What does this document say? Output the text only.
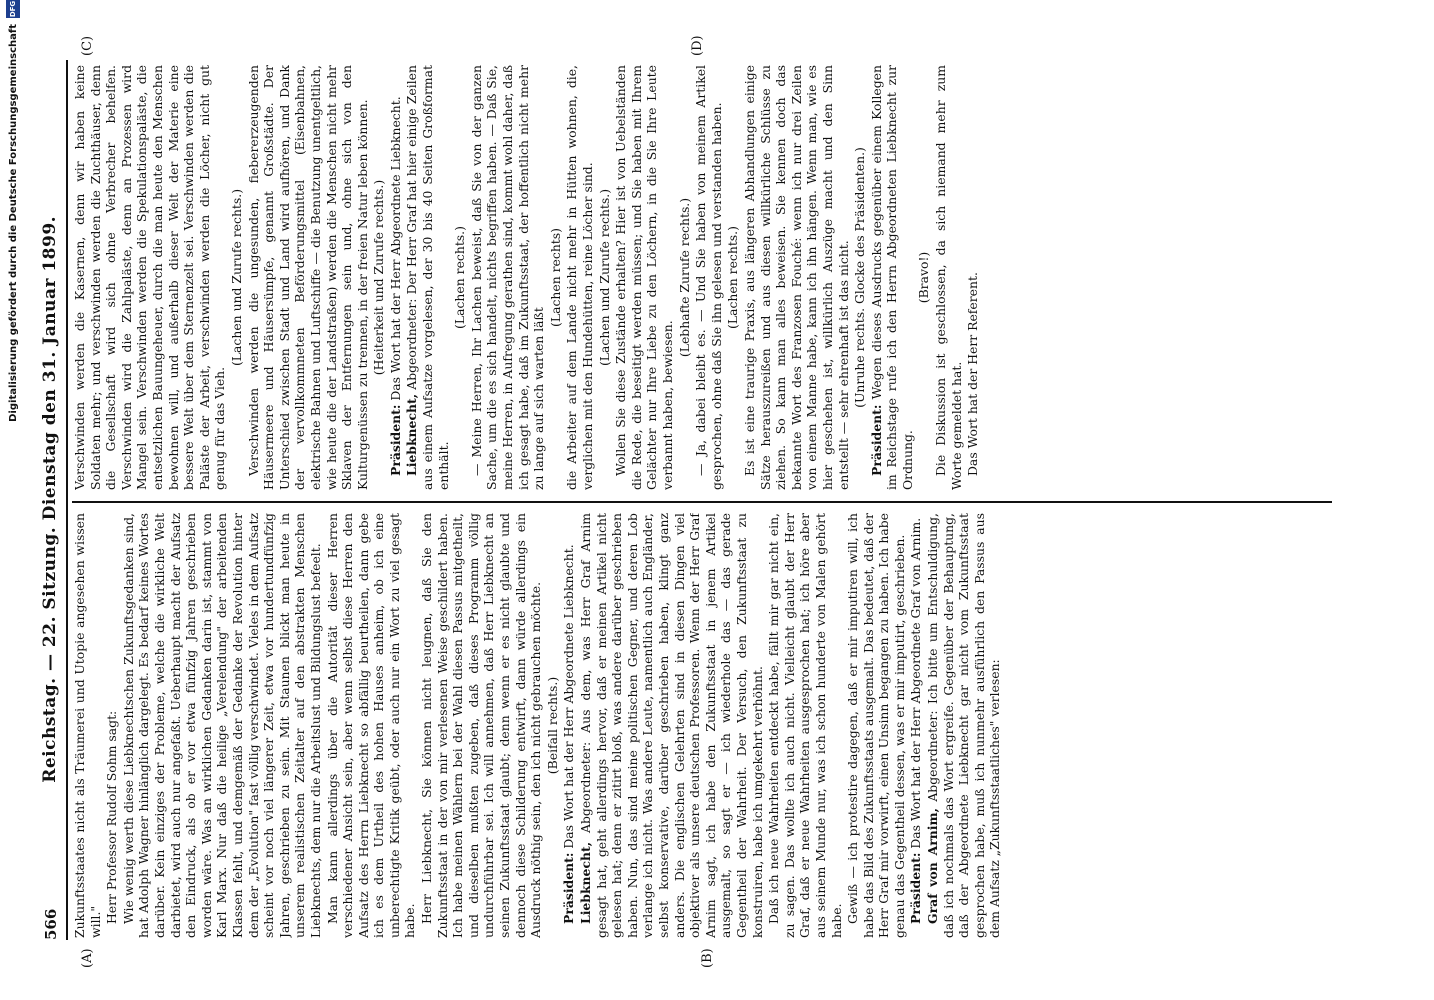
566
Reichstag. — 22. Sitzung. Dienstag den 31. Januar 1899.
(A)	(B)
(C)	(D)

Zukunftsstaates nicht als Träumerei und Utopie angesehen wissen will." Herr Professor Rudolf Sohm sagt: Wie wenig werth diese Liebknechtschen Zukunftsgedanken sind, hat Adolph Wagner hinlänglich dargelegt. Es bedarf keines Wortes darüber. Kein einziges der Probleme, welche die wirkliche Welt darbietet, wird auch nur angefaßt. Ueberhaupt macht der Aufsatz den Eindruck, als ob er vor etwa fünfzig Jahren geschrieben worden wäre. Was an wirklichen Gedanken darin ist, stammt von Karl Marx. Nur daß die heilige „Verelendung" der arbeitenden Klassen fehlt, und demgemäß der Gedanke der Revolution hinter dem der „Evolution" fast völlig verschwindet. Vieles in dem Aufsatz scheint vor noch viel längerer Zeit, etwa vor hundertundfünfzig Jahren, geschrieben zu sein. Mit Staunen blickt man heute in unserem realistischen Zeitalter auf den abstrakten Menschen Liebknechts, dem nur die Arbeitslust und Bildungslust befeelt. Man kann allerdings über die Autorität dieser Herren verschiedener Ansicht sein, aber wenn selbst diese Herren den Aufsatz des Herrn Liebknecht so abfällig beurtheilen, dann gebe ich es dem Urtheil des hohen Hauses anheim, ob ich eine unberechtigte Kritik geübt, oder auch nur ein Wort zu viel gesagt habe. Herr Liebknecht, Sie können nicht leugnen, daß Sie den Zukunftsstaat in der von mir verlesenen Weise geschildert haben. Ich habe meinen Wählern bei der Wahl diesen Passus mitgetheilt, und dieselben mußten zugeben, daß dieses Programm völlig undurchführbar sei. Ich will annehmen, daß Herr Liebknecht an seinen Zukunftsstaat glaubt; denn wenn er es nicht glaubte und dennoch diese Schilderung entwirft, dann würde allerdings ein Ausdruck nöthig sein, den ich nicht gebrauchen möchte. (Beifall rechts.)

Präsident: Das Wort hat der Herr Abgeordnete Liebknecht.

Liebknecht, Abgeordneter: Aus dem, was Herr Graf Arnim gesagt hat, geht allerdings hervor, daß er meinen Artikel nicht gelesen hat; denn er zitirt bloß, was andere darüber geschrieben haben. Nun, das sind meine politischen Gegner, und deren Lob verlange ich nicht. Was andere Leute, namentlich auch Engländer, selbst konservative, darüber geschrieben haben, klingt ganz anders. Die englischen Gelehrten sind in diesen Dingen viel objektiver als unsere deutschen Professoren. Wenn der Herr Graf Arnim sagt, ich habe den Zukunftsstaat in jenem Artikel ausgemalt, so sagt er — ich wiederhole das — das gerade Gegentheil der Wahrheit. Der Versuch, den Zukunftsstaat zu konstruiren, habe ich umgekehrt verhöhnt. Daß ich neue Wahrheiten entdeckt habe, fällt mir gar nicht ein, zu sagen. Das wollte ich auch nicht. Vielleicht glaubt der Herr Graf, daß er neue Wahrheiten ausgesprochen hat; ich höre aber aus seinem Munde nur, was ich schon hunderte von Malen gehört habe. Gewiß — ich protestire dagegen, daß er mir imputiren will, ich habe das Bild des Zukunftsstaats ausgemalt. Das bedeutet, daß der Herr Graf mir vorwirft, einen Unsinn begangen zu haben. Ich habe genau das Gegentheil dessen, was er mir imputirt, geschrieben. Präsident: Das Wort hat der Herr Abgeordnete Graf von Arnim.

Graf von Arnim, Abgeordneter: Ich bitte um Entschuldigung, daß ich nochmals das Wort ergreife. Gegenüber der Behauptung, daß der Abgeordnete Liebknecht gar nicht vom Zukunftsstaat gesprochen habe, muß ich nunmehr ausführlich den Passus aus dem Aufsatz „Zukunftsstaatliches" verlesen:

Verschwinden werden die Kasernen, denn wir haben keine Soldaten mehr; und verschwinden werden die Zuchthäuser, denn die Gesellschaft wird sich ohne Verbrecher behelfen. Verschwinden wird die Zahlpaläste, denn an Prozessen wird Mangel sein. Verschwinden werden die Spekulationspaläste, die entsetzlichen Bauungeheuer, durch die man heute den Menschen bewohnen will, und außerhalb dieser Welt der Materie eine bessere Welt über dem Sternenzelt sei. Verschwinden werden die Paläste der Arbeit, verschwinden werden die Löcher, nicht gut genug für das Vieh.

(Lachen und Zurufe rechts.) Verschwinden werden die ungesunden, fiebererzeugenden Häusermeere und Häusersümpfe, genannt Großstädte. Der Unterschied zwischen Stadt und Land wird aufhören, und Dank der vervollkommneten Beförderungsmittel (Eisenbahnen, elektrische Bahnen und Luftschiffe — die Benutzung unentgeltlich, wie heute die der Landstraßen) werden die Menschen nicht mehr Sklaven der Entfernungen sein und, ohne sich von den Kulturgenüssen zu trennen, in der freien Natur leben können. (Heiterkeit und Zurufe rechts.)

Präsident: Das Wort hat der Herr Abgeordnete Liebknecht.

Liebknecht, Abgeordneter: Der Herr Graf hat hier einige Zeilen aus einem Aufsatze vorgelesen, der 30 bis 40 Seiten Großformat enthält.

(Lachen rechts.) — Meine Herren, Ihr Lachen beweist, daß Sie von der ganzen Sache, um die es sich handelt, nichts begriffen haben. — Daß Sie, meine Herren, in Aufregung gerathen sind, kommt wohl daher, daß ich gesagt habe, daß im Zukunftsstaat, der hoffentlich nicht mehr zu lange auf sich warten läßt

(Lachen rechts) die Arbeiter auf dem Lande nicht mehr in Hütten wohnen, die, verglichen mit den Hundehütten, reine Löcher sind. (Lachen und Zurufe rechts.) Wollen Sie diese Zustände erhalten? Hier ist von Uebelständen die Rede, die beseitigt werden müssen; und Sie haben mit Ihrem Gelächter nur Ihre Liebe zu den Löchern, in die Sie Ihre Leute verbannt haben, bewiesen.

(Lebhafte Zurufe rechts.) — Ja, dabei bleibt es. — Und Sie haben von meinem Artikel gesprochen, ohne daß Sie ihn gelesen und verstanden haben. (Lachen rechts.) Es ist eine traurige Praxis, aus längeren Abhandlungen einige Sätze herauszureißen und aus diesen willkürliche Schlüsse zu ziehen. So kann man alles beweisen. Sie kennen doch das bekannte Wort des Franzosen Fouché: wenn ich nur drei Zeilen von einem Manne habe, kann ich ihn hängen. Wenn man, wie es hier geschehen ist, willkürlich Auszüge macht und den Sinn entstellt — sehr ehrenhaft ist das nicht. (Unruhe rechts. Glocke des Präsidenten.)

Präsident: Wegen dieses Ausdrucks gegenüber einem Kollegen im Reichstage rufe ich den Herrn Abgeordneten Liebknecht zur Ordnung.

(Bravo!) Die Diskussion ist geschlossen, da sich niemand mehr zum Worte gemeldet hat. Das Wort hat der Herr Referent.

Digitalisierung gefördert durch die Deutsche Forschungsgemeinschaft
DFG
